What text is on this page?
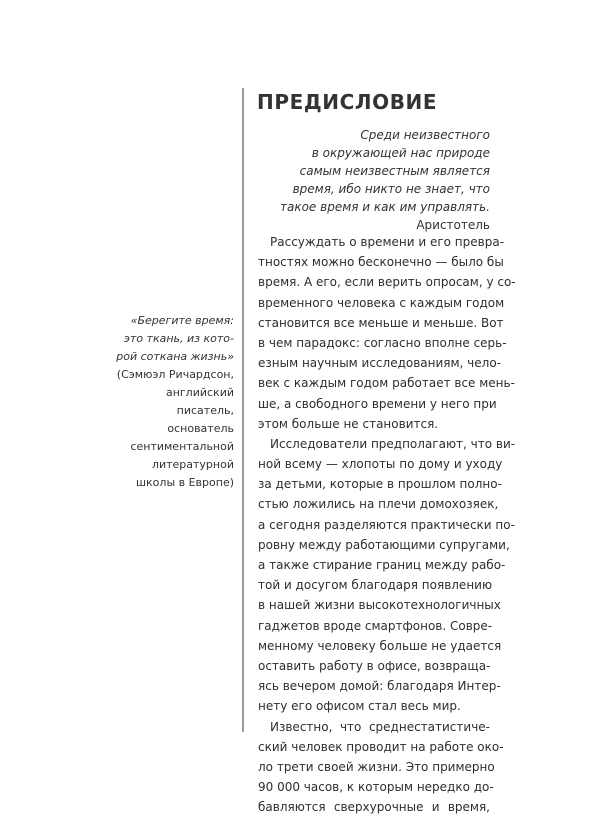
ПРЕДИСЛОВИЕ
Среди неизвестного
в окружающей нас природе
самым неизвестным является
время, ибо никто не знает, что
такое время и как им управлять.
Аристотель
«Берегите время:
это ткань, из кото-
рой соткана жизнь»
(Сэмюэл Ричардсон,
английский
писатель,
основатель
сентиментальной
литературной
школы в Европе)
Рассуждать о времени и его превра-
тностях можно бесконечно — было бы
время. А его, если верить опросам, у со-
временного человека с каждым годом
становится все меньше и меньше. Вот
в чем парадокс: согласно вполне серь-
езным научным исследованиям, чело-
век с каждым годом работает все мень-
ше, а свободного времени у него при
этом больше не становится.
Исследователи предполагают, что ви-
ной всему — хлопоты по дому и уходу
за детьми, которые в прошлом полно-
стью ложились на плечи домохозяек,
а сегодня разделяются практически по-
ровну между работающими супругами,
а также стирание границ между рабо-
той и досугом благодаря появлению
в нашей жизни высокотехнологичных
гаджетов вроде смартфонов. Совре-
менному человеку больше не удается
оставить работу в офисе, возвраща-
ясь вечером домой: благодаря Интер-
нету его офисом стал весь мир.
Известно, что среднестатистиче-
ский человек проводит на работе око-
ло трети своей жизни. Это примерно
90 000 часов, к которым нередко до-
бавляются сверхурочные и время,
